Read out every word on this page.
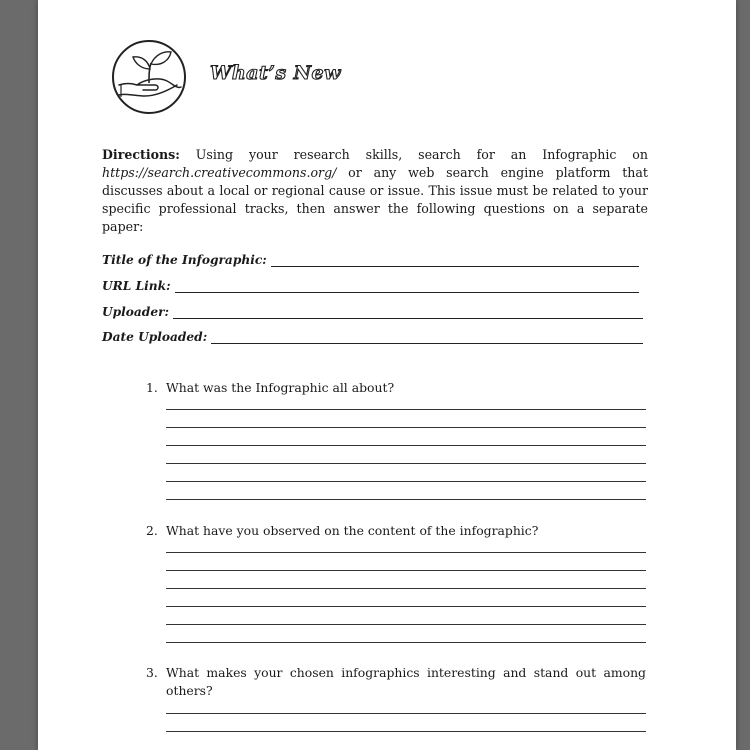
What’s New

Directions: Using your research skills, search for an Infographic on https://search.creativecommons.org/ or any web search engine platform that discusses about a local or regional cause or issue. This issue must be related to your specific professional tracks, then answer the following questions on a separate paper:

Title of the Infographic:
URL Link:
Uploader:
Date Uploaded:
1. What was the Infographic all about?
2. What have you observed on the content of the infographic?
3. What makes your chosen infographics interesting and stand out among others?
